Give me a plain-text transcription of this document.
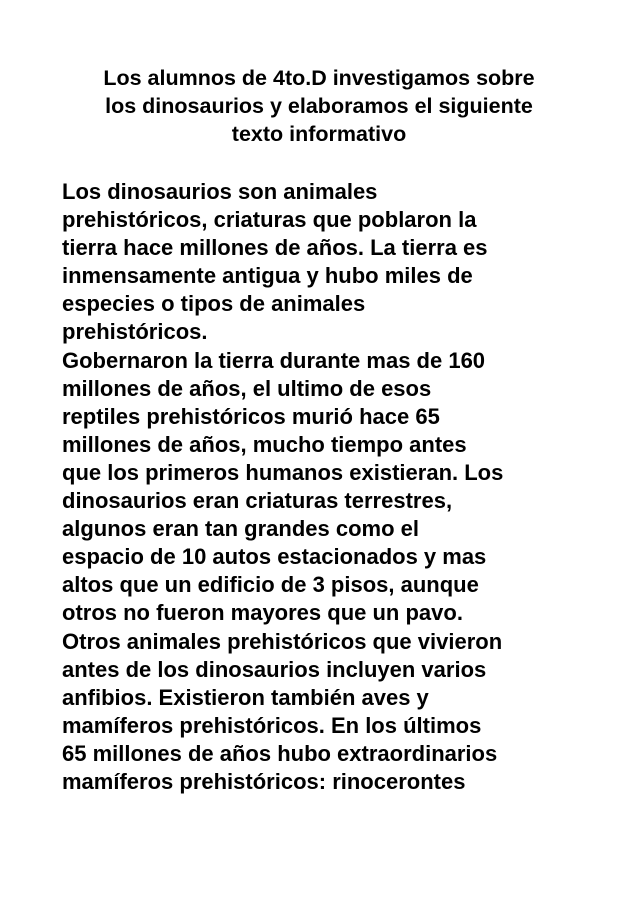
Los alumnos de 4to.D investigamos sobre
los dinosaurios y elaboramos el siguiente
texto informativo
Los dinosaurios son animales
prehistóricos, criaturas que poblaron la
tierra hace millones de años. La tierra es
inmensamente antigua y hubo miles de
especies o tipos de animales
prehistóricos.
Gobernaron la tierra durante mas de 160
millones de años, el ultimo de esos
reptiles prehistóricos murió hace 65
millones de años, mucho tiempo antes
que los primeros humanos existieran. Los
dinosaurios eran criaturas terrestres,
algunos eran tan grandes como el
espacio de 10 autos estacionados y mas
altos que un edificio de 3 pisos, aunque
otros no fueron mayores que un pavo.
Otros animales prehistóricos que vivieron
antes de los dinosaurios incluyen varios
anfibios. Existieron también aves y
mamíferos prehistóricos. En los últimos
65 millones de años hubo extraordinarios
mamíferos prehistóricos: rinocerontes
